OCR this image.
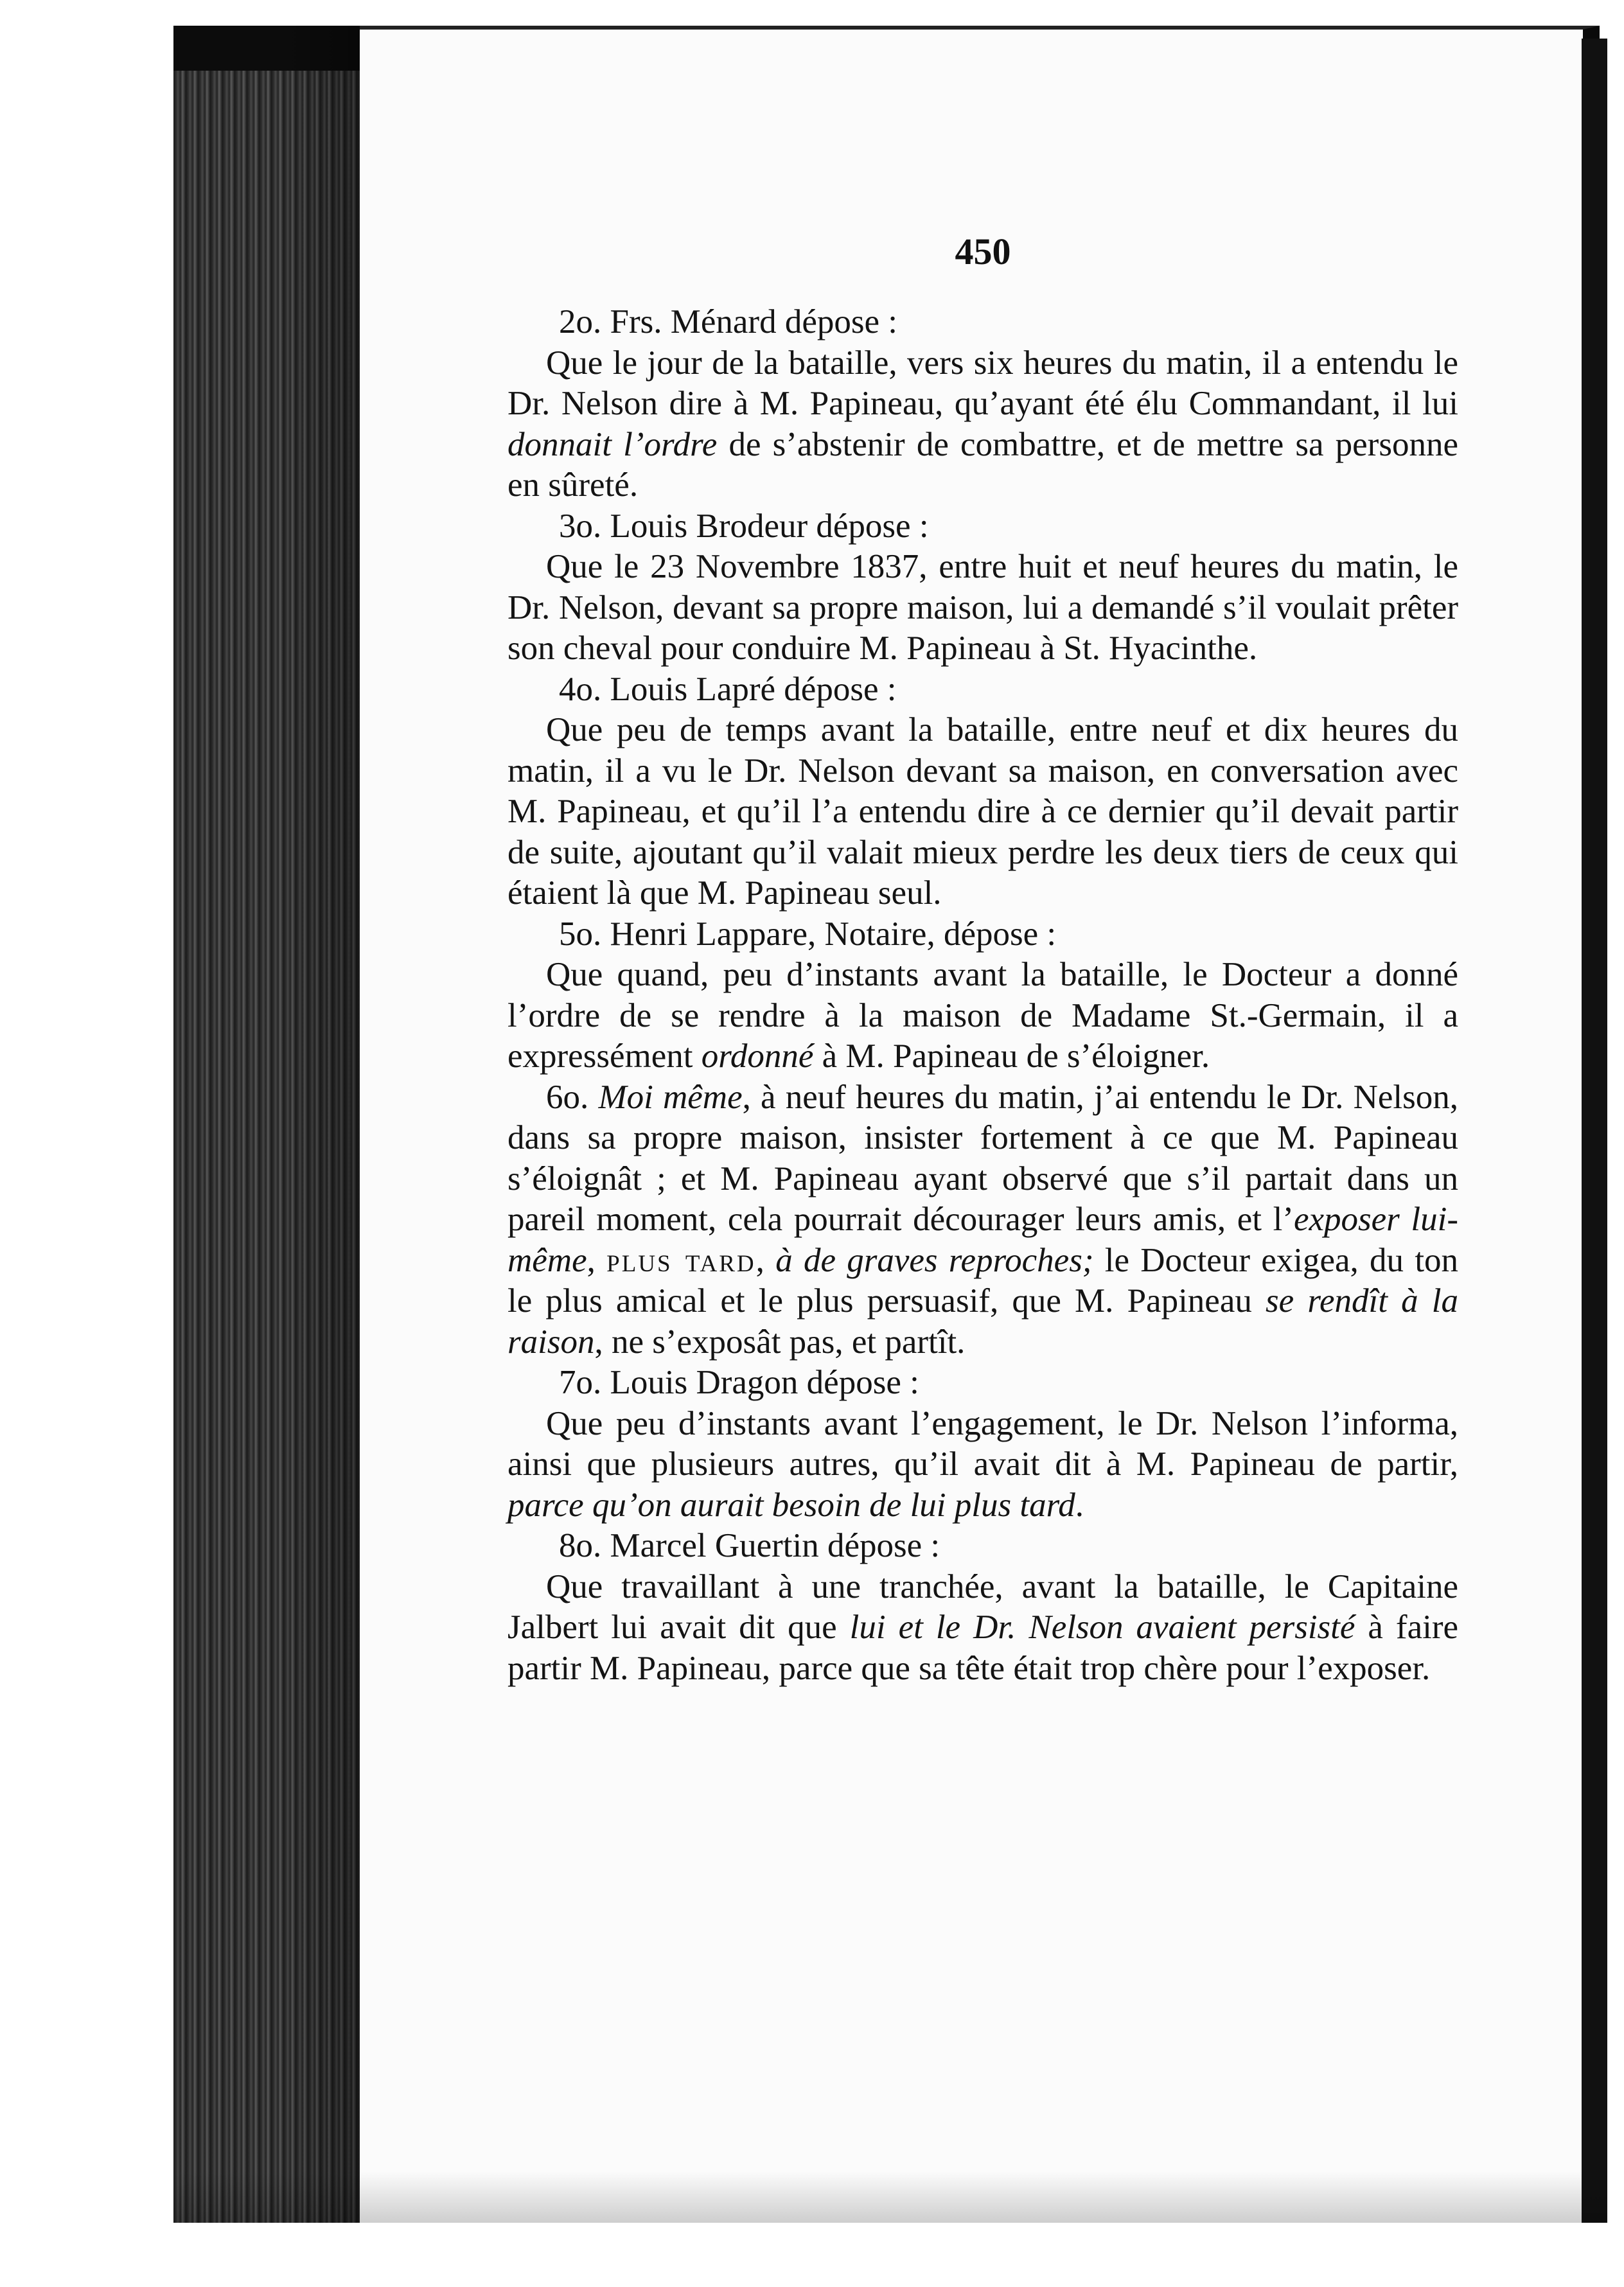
450

2o. Frs. Ménard dépose :

Que le jour de la bataille, vers six heures du matin, il a entendu le Dr. Nelson dire à M. Papineau, qu’ayant été élu Commandant, il lui donnait l’ordre de s’abstenir de combattre, et de mettre sa personne en sûreté.

3o. Louis Brodeur dépose :

Que le 23 Novembre 1837, entre huit et neuf heures du matin, le Dr. Nelson, devant sa propre maison, lui a demandé s’il voulait prêter son cheval pour conduire M. Papineau à St. Hyacinthe.

4o. Louis Lapré dépose :

Que peu de temps avant la bataille, entre neuf et dix heures du matin, il a vu le Dr. Nelson devant sa maison, en conversation avec M. Papineau, et qu’il l’a entendu dire à ce dernier qu’il devait partir de suite, ajoutant qu’il valait mieux perdre les deux tiers de ceux qui étaient là que M. Papineau seul.

5o. Henri Lappare, Notaire, dépose :

Que quand, peu d’instants avant la bataille, le Docteur a donné l’ordre de se rendre à la maison de Madame St.-Germain, il a expressément ordonné à M. Papineau de s’éloigner.

6o. Moi même, à neuf heures du matin, j’ai entendu le Dr. Nelson, dans sa propre maison, insister fortement à ce que M. Papineau s’éloignât ; et M. Papineau ayant observé que s’il partait dans un pareil moment, cela pourrait décourager leurs amis, et l’exposer lui-même, plus tard, à de graves reproches; le Docteur exigea, du ton le plus amical et le plus persuasif, que M. Papineau se rendît à la raison, ne s’exposât pas, et partît.

7o. Louis Dragon dépose :

Que peu d’instants avant l’engagement, le Dr. Nelson l’informa, ainsi que plusieurs autres, qu’il avait dit à M. Papineau de partir, parce qu’on aurait besoin de lui plus tard.

8o. Marcel Guertin dépose :

Que travaillant à une tranchée, avant la bataille, le Capitaine Jalbert lui avait dit que lui et le Dr. Nelson avaient persisté à faire partir M. Papineau, parce que sa tête était trop chère pour l’exposer.
